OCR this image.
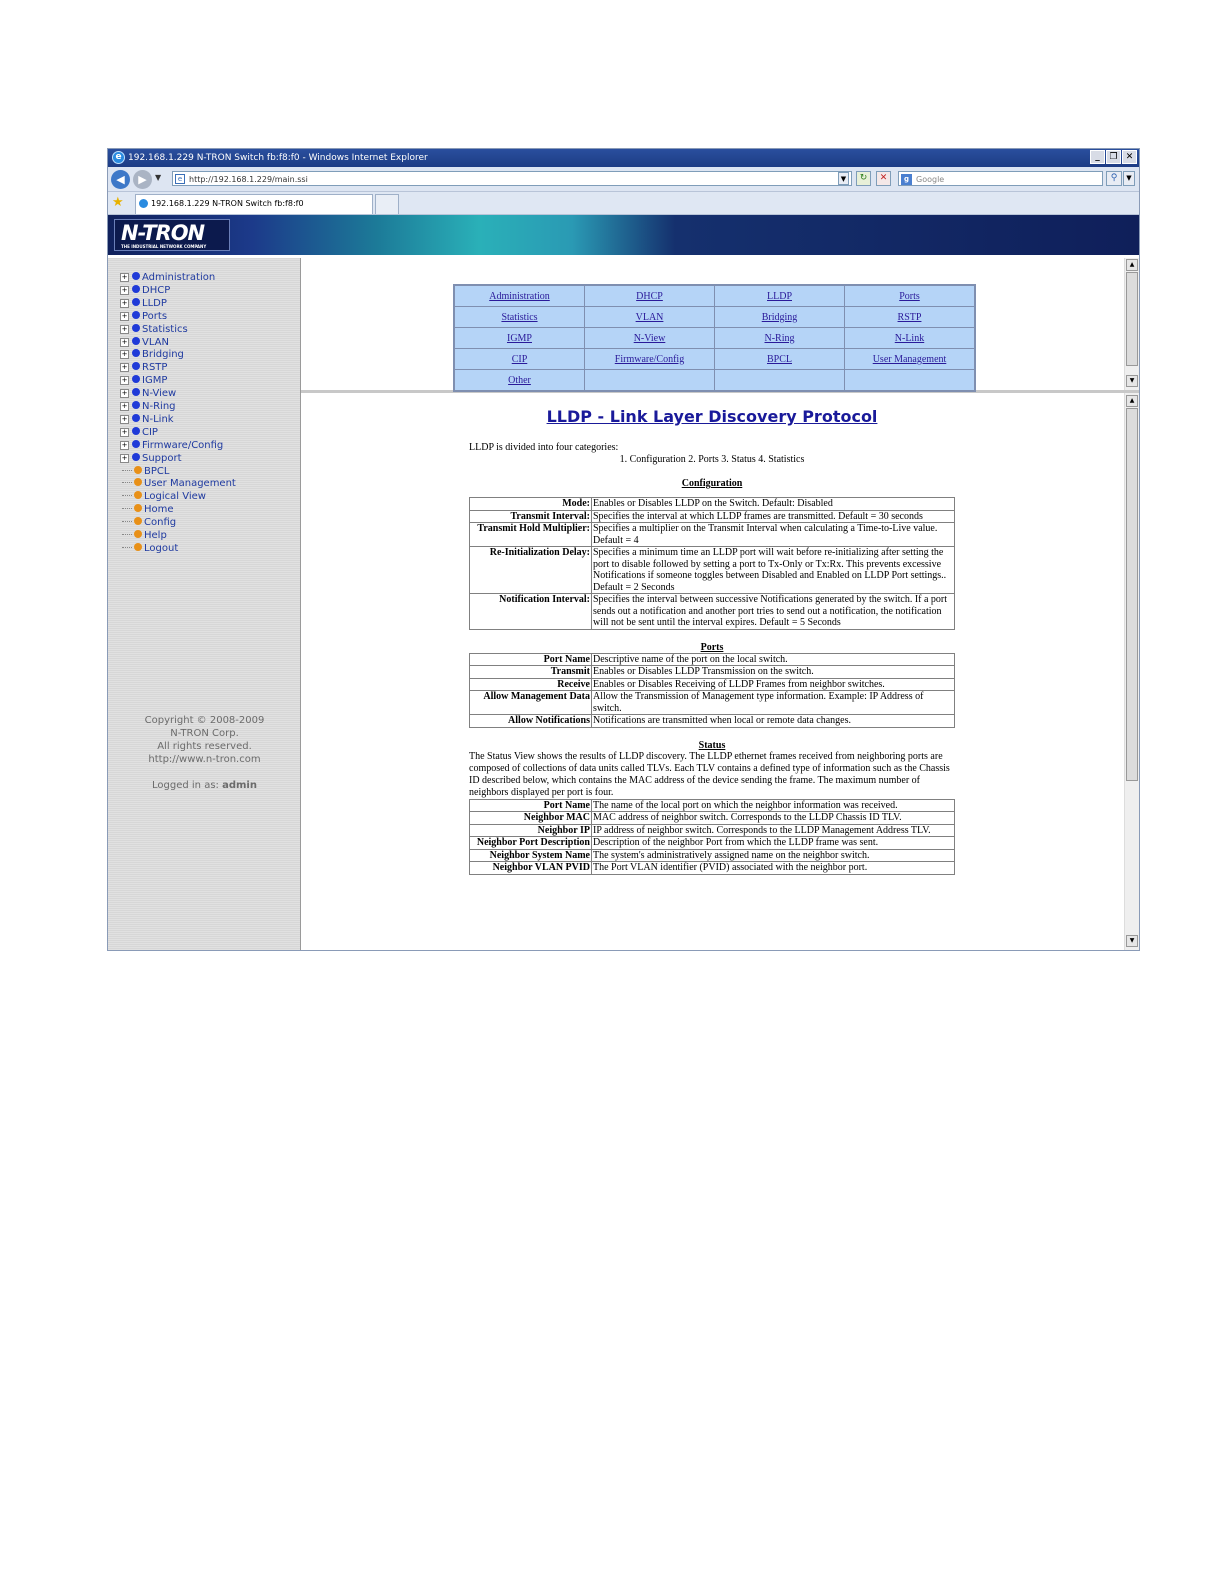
e 192.168.1.229 N-TRON Switch fb:f8:f0 - Windows Internet Explorer	_	❐ ✕
◀	▶	▼	e http://192.168.1.229/main.ssi	▼	↻	✕	g Google	⚲	▼
★	192.168.1.229 N-TRON Switch fb:f8:f0
N-TRON
THE INDUSTRIAL NETWORK COMPANY
+ Administration
+ DHCP
+ LLDP
+ Ports
+ Statistics
+ VLAN
+ Bridging
+ RSTP
+ IGMP
+ N-View
+ N-Ring
+ N-Link
+ CIP
+ Firmware/Config
+ Support
BPCL
User Management
Logical View
Home
Config
Help
Logout
Copyright © 2008-2009
N-TRON Corp.
All rights reserved.
http://www.n-tron.com
Logged in as: admin
Administration	DHCP	LLDP	Ports
Statistics	VLAN	Bridging	RSTP
IGMP	N-View	N-Ring	N-Link
CIP	Firmware/Config	BPCL	User Management
Other			
▲
▼
LLDP - Link Layer Discovery Protocol

LLDP is divided into four categories:

1. Configuration 2. Ports 3. Status 4. Statistics

Configuration
Mode:	Enables or Disables LLDP on the Switch. Default: Disabled
Transmit Interval:	Specifies the interval at which LLDP frames are transmitted. Default = 30 seconds
Transmit Hold Multiplier:	Specifies a multiplier on the Transmit Interval when calculating a Time-to-Live value. Default = 4
Re-Initialization Delay:	Specifies a minimum time an LLDP port will wait before re-initializing after setting the port to disable followed by setting a port to Tx-Only or Tx:Rx. This prevents excessive Notifications if someone toggles between Disabled and Enabled on LLDP Port settings.. Default = 2 Seconds
Notification Interval:	Specifies the interval between successive Notifications generated by the switch. If a port sends out a notification and another port tries to send out a notification, the notification will not be sent until the interval expires. Default = 5 Seconds
Ports
Port Name	Descriptive name of the port on the local switch.
Transmit	Enables or Disables LLDP Transmission on the switch.
Receive	Enables or Disables Receiving of LLDP Frames from neighbor switches.
Allow Management Data	Allow the Transmission of Management type information. Example: IP Address of switch.
Allow Notifications	Notifications are transmitted when local or remote data changes.
Status

The Status View shows the results of LLDP discovery. The LLDP ethernet frames received from neighboring ports are composed of collections of data units called TLVs. Each TLV contains a defined type of information such as the Chassis ID described below, which contains the MAC address of the device sending the frame. The maximum number of neighbors displayed per port is four.

Port Name	The name of the local port on which the neighbor information was received.
Neighbor MAC	MAC address of neighbor switch. Corresponds to the LLDP Chassis ID TLV.
Neighbor IP	IP address of neighbor switch. Corresponds to the LLDP Management Address TLV.
Neighbor Port Description	Description of the neighbor Port from which the LLDP frame was sent.
Neighbor System Name	The system's administratively assigned name on the neighbor switch.
Neighbor VLAN PVID	The Port VLAN identifier (PVID) associated with the neighbor port.
▲
▼
